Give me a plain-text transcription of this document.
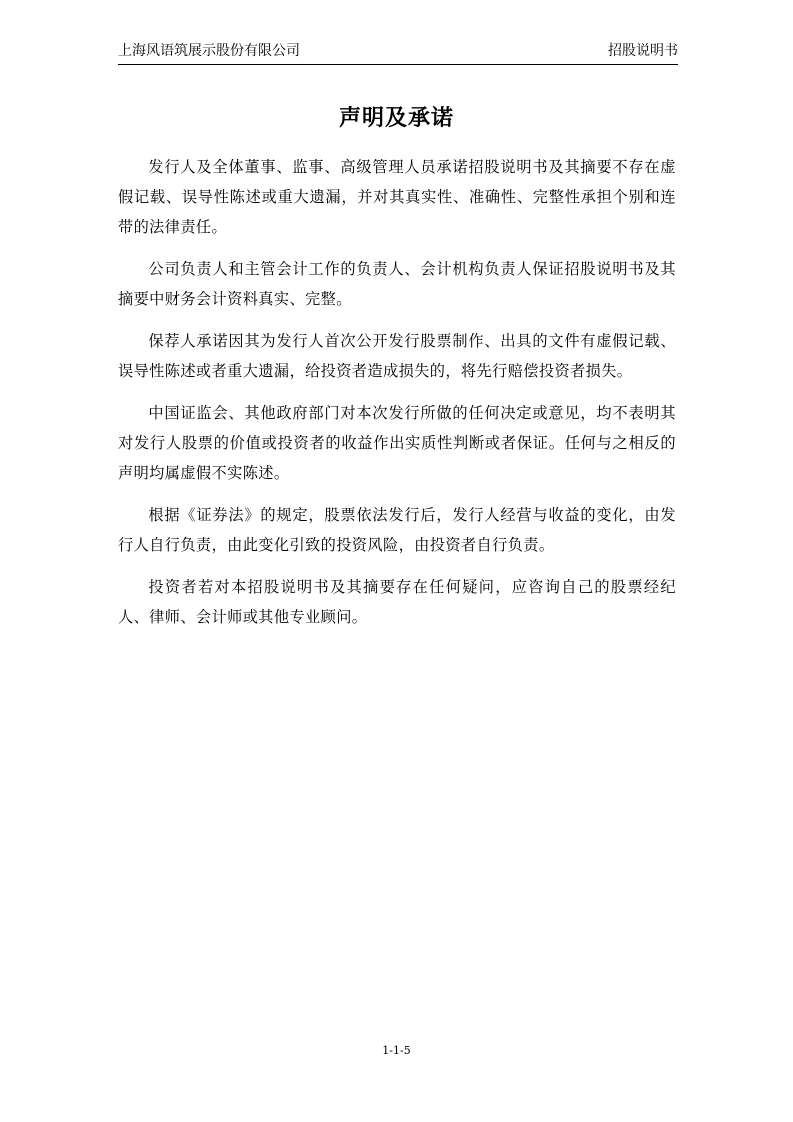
上海风语筑展示股份有限公司	招股说明书
声明及承诺

发行人及全体董事、监事、高级管理人员承诺招股说明书及其摘要不存在虚假记载、误导性陈述或重大遗漏，并对其真实性、准确性、完整性承担个别和连带的法律责任。

公司负责人和主管会计工作的负责人、会计机构负责人保证招股说明书及其摘要中财务会计资料真实、完整。

保荐人承诺因其为发行人首次公开发行股票制作、出具的文件有虚假记载、误导性陈述或者重大遗漏，给投资者造成损失的，将先行赔偿投资者损失。

中国证监会、其他政府部门对本次发行所做的任何决定或意见，均不表明其对发行人股票的价值或投资者的收益作出实质性判断或者保证。任何与之相反的声明均属虚假不实陈述。

根据《证券法》的规定，股票依法发行后，发行人经营与收益的变化，由发行人自行负责，由此变化引致的投资风险，由投资者自行负责。

投资者若对本招股说明书及其摘要存在任何疑问，应咨询自己的股票经纪人、律师、会计师或其他专业顾问。

1-1-5
